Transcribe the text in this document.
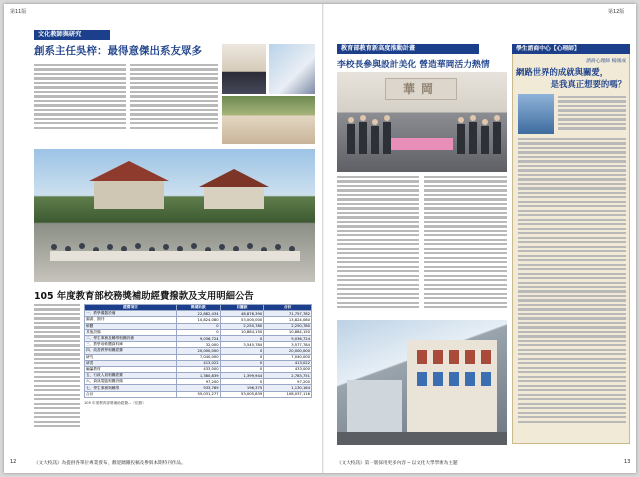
第11版
文化教師與研究
創系主任吳梓：最得意傑出系友眾多
105 年度教育部校務獎補助經費撥款及支用明細公告
經費項目	獎補助款	自籌款	合計
一、教學儀器設備	22,882,434	48,876,390	71,757,782
圖書、期刊	10,824,080	53,000,000	13,824,080
軟體	0	2,250,780	2,250,780
其他設備	0	10,884,150	10,884,150
二、學生事務及輔導相關設備	9,036,724	0	9,036,724
三、教學用軟體資料庫	32,000	3,545,784	3,577,784
四、改善教學相關經費	20,000,000	0	20,000,000
研究	7,040,000	0	7,040,000
研習	413,022	0	413,022
編纂教材	433,000	0	433,000
五、行政人員相關經費	1,380,839	1,399,944	2,783,751
六、資訊電腦相關設備	97,200	0	97,200
七、學生事務與輔導	933,789	196,375	1,130,164
合計	55,031,277	53,005,839	108,037,116
105 年度教育部獎補助經費...（依據）
12	《文大校訊》為提供各單位專業發布，歡迎踴躍投稿及參與本期特刊作品。
第12版
教育部教育新高度推動計畫
李校長參與設計美化 營造華岡活力熱情
華岡
學生諮商中心【心理師】
諮商心理師 楊國成
網路世界的成就與關愛，
是我真正想要的嗎？
13
《文大校訊》第一版採用更多內容 ─ 以文化大學學術為主題
